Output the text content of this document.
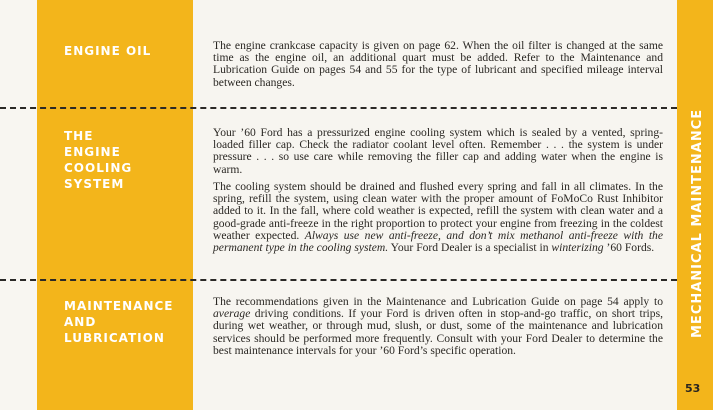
ENGINE OIL
THE ENGINE COOLING SYSTEM
MAINTENANCE AND LUBRICATION
The engine crankcase capacity is given on page 62. When the oil filter is changed at the same time as the engine oil, an additional quart must be added. Refer to the Maintenance and Lubrication Guide on pages 54 and 55 for the type of lubricant and specified mileage interval between changes.
Your ’60 Ford has a pressurized engine cooling system which is sealed by a vented, spring-loaded filler cap. Check the radiator coolant level often. Remember . . . the system is under pressure . . . so use care while removing the filler cap and adding water when the engine is warm.
The cooling system should be drained and flushed every spring and fall in all climates. In the spring, refill the system, using clean water with the proper amount of FoMoCo Rust Inhibitor added to it. In the fall, where cold weather is expected, refill the system with clean water and a good-grade anti-freeze in the right proportion to protect your engine from freezing in the coldest weather expected. Always use new anti-freeze, and don’t mix methanol anti-freeze with the permanent type in the cooling system. Your Ford Dealer is a specialist in winterizing ’60 Fords.
The recommendations given in the Maintenance and Lubrication Guide on page 54 apply to average driving conditions. If your Ford is driven often in stop-and-go traffic, on short trips, during wet weather, or through mud, slush, or dust, some of the maintenance and lubrication services should be performed more frequently. Consult with your Ford Dealer to determine the best maintenance intervals for your ’60 Ford’s specific operation.
MECHANICAL MAINTENANCE
53
